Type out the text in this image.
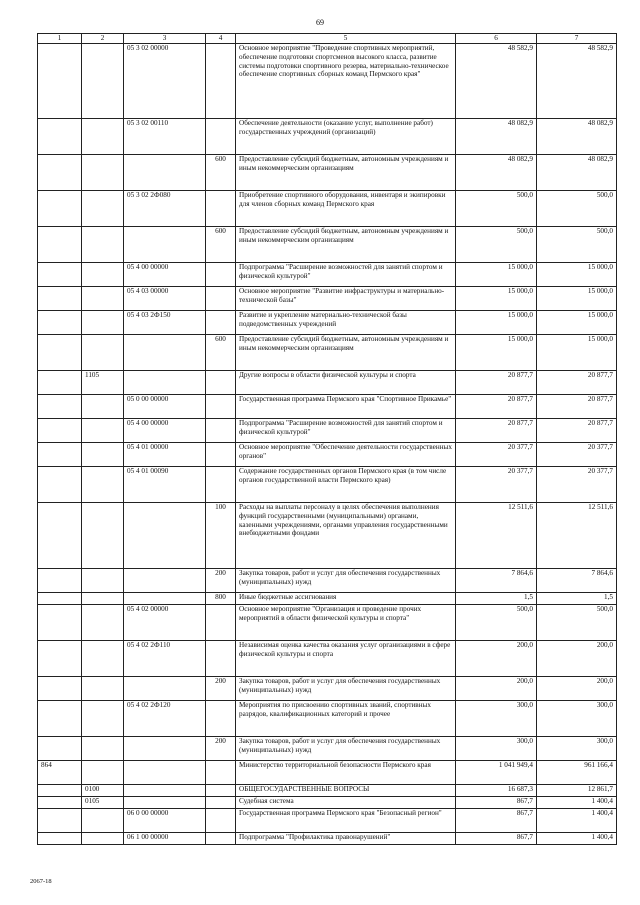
69
1	2	3	4	5	6	7
		05 3 02 00000		Основное мероприятие "Проведение спортивных мероприятий, обеспечение подготовки спортсменов высокого класса, развитие системы подготовки спортивного резерва, материально-техническое обеспечение спортивных сборных команд Пермского края"	48 582,9	48 582,9
		05 3 02 00110		Обеспечение деятельности (оказание услуг, выполнение работ) государственных учреждений (организаций)	48 082,9	48 082,9
			600	Предоставление субсидий бюджетным, автономным учреждениям и иным некоммерческим организациям	48 082,9	48 082,9
		05 3 02 2Ф080		Приобретение спортивного оборудования, инвентаря и экипировки для членов сборных команд Пермского края	500,0	500,0
			600	Предоставление субсидий бюджетным, автономным учреждениям и иным некоммерческим организациям	500,0	500,0
		05 4 00 00000		Подпрограмма "Расширение возможностей для занятий спортом и физической культурой"	15 000,0	15 000,0
		05 4 03 00000		Основное мероприятие "Развитие инфраструктуры и материально-технической базы"	15 000,0	15 000,0
		05 4 03 2Ф150		Развитие и укрепление материально-технической базы подведомственных учреждений	15 000,0	15 000,0
			600	Предоставление субсидий бюджетным, автономным учреждениям и иным некоммерческим организациям	15 000,0	15 000,0
	1105			Другие вопросы в области физической культуры и спорта	20 877,7	20 877,7
		05 0 00 00000		Государственная программа Пермского края "Спортивное Прикамье"	20 877,7	20 877,7
		05 4 00 00000		Подпрограмма "Расширение возможностей для занятий спортом и физической культурой"	20 877,7	20 877,7
		05 4 01 00000		Основное мероприятие "Обеспечение деятельности государственных органов"	20 377,7	20 377,7
		05 4 01 00090		Содержание государственных органов Пермского края (в том числе органов государственной власти Пермского края)	20 377,7	20 377,7
			100	Расходы на выплаты персоналу в целях обеспечения выполнения функций государственными (муниципальными) органами, казенными учреждениями, органами управления государственными внебюджетными фондами	12 511,6	12 511,6
			200	Закупка товаров, работ и услуг для обеспечения государственных (муниципальных) нужд	7 864,6	7 864,6
			800	Иные бюджетные ассигнования	1,5	1,5
		05 4 02 00000		Основное мероприятие "Организация и проведение прочих мероприятий в области физической культуры и спорта"	500,0	500,0
		05 4 02 2Ф110		Независимая оценка качества оказания услуг организациями в сфере физической культуры и спорта	200,0	200,0
			200	Закупка товаров, работ и услуг для обеспечения государственных (муниципальных) нужд	200,0	200,0
		05 4 02 2Ф120		Мероприятия по присвоению спортивных званий, спортивных разрядов, квалификационных категорий и прочее	300,0	300,0
			200	Закупка товаров, работ и услуг для обеспечения государственных (муниципальных) нужд	300,0	300,0
864				Министерство территориальной безопасности Пермского края	1 041 949,4	961 166,4
	0100			ОБЩЕГОСУДАРСТВЕННЫЕ ВОПРОСЫ	16 687,3	12 861,7
	0105			Судебная система	867,7	1 400,4
		06 0 00 00000		Государственная программа Пермского края "Безопасный регион"	867,7	1 400,4
		06 1 00 00000		Подпрограмма "Профилактика правонарушений"	867,7	1 400,4
2067-18
